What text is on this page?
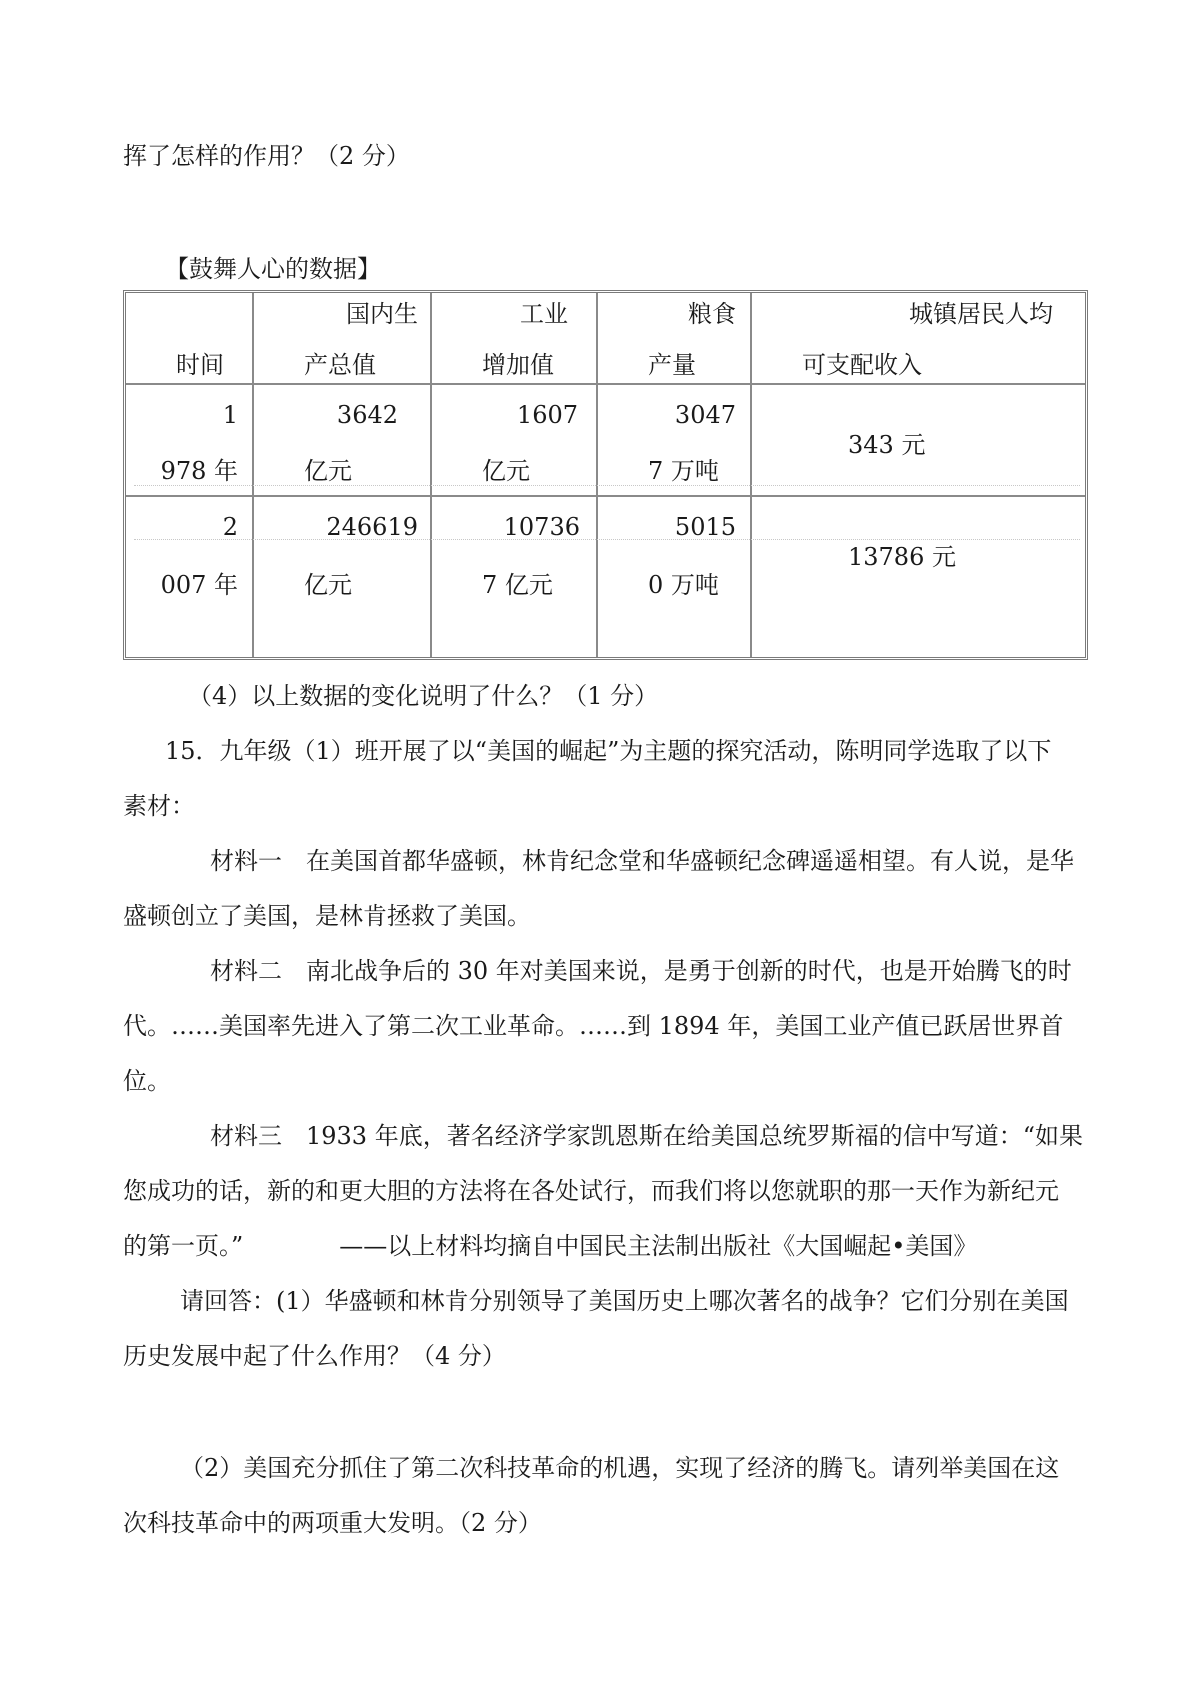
挥了怎样的作用？（2 分）
【鼓舞人心的数据】
时间
国内生
产总值
工业
增加值
粮食
产量
城镇居民人均
可支配收入
1
978 年
3642
亿元
1607
亿元
3047
7 万吨
343 元
2
007 年
246619
亿元
10736
7 亿元
5015
0 万吨
13786 元
（4）以上数据的变化说明了什么？（1 分）
15．九年级（1）班开展了以“美国的崛起”为主题的探究活动，陈明同学选取了以下
素材：
材料一　在美国首都华盛顿，林肯纪念堂和华盛顿纪念碑遥遥相望。有人说，是华
盛顿创立了美国，是林肯拯救了美国。
材料二　南北战争后的 30 年对美国来说，是勇于创新的时代，也是开始腾飞的时
代。……美国率先进入了第二次工业革命。……到 1894 年，美国工业产值已跃居世界首
位。
材料三　1933 年底，著名经济学家凯恩斯在给美国总统罗斯福的信中写道：“如果
您成功的话，新的和更大胆的方法将在各处试行，而我们将以您就职的那一天作为新纪元
的第一页。”　　　　——以上材料均摘自中国民主法制出版社《大国崛起•美国》
请回答：(1）华盛顿和林肯分别领导了美国历史上哪次著名的战争？它们分别在美国
历史发展中起了什么作用？（4 分）
（2）美国充分抓住了第二次科技革命的机遇，实现了经济的腾飞。请列举美国在这
次科技革命中的两项重大发明。（2 分）
